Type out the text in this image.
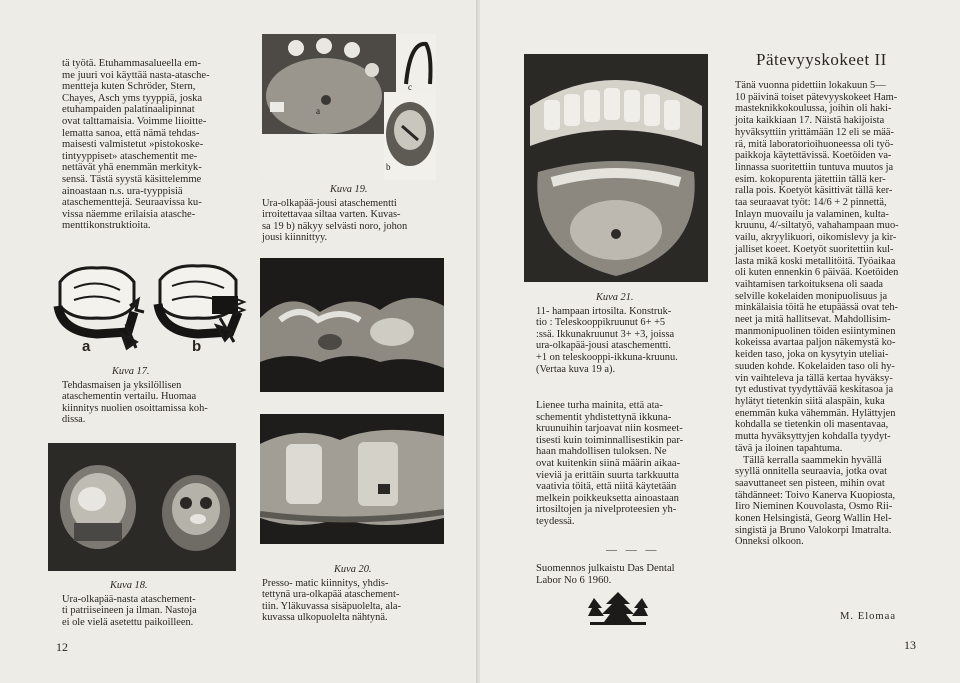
tä työtä. Etuhammasalueella em-

me juuri voi käyttää nasta-atasche-

mentteja kuten Schröder, Stern,

Chayes, Asch yms tyyppiä, joska

etuhampaiden palatinaalipinnat

ovat talttamaisia. Voimme liioitte-

lematta sanoa, että nämä tehdas-

maisesti valmistetut »pistokoske-

tintyyppiset» ataschementit me-

nettävät yhä enemmän merkityk-

sensä. Tästä syystä käsittelemme

ainoastaan n.s. ura-tyyppisiä

ataschementtejä. Seuraavissa ku-

vissa näemme erilaisia atasche-

menttikonstruktioita.

a	b
Kuva 17.
Tehdasmaisen ja yksilöllisen
ataschementin vertailu. Huomaa
kiinnitys nuolien osoittamissa koh-
dissa.
Kuva 18.
Ura-olkapää-nasta ataschement-
ti patriiseineen ja ilman. Nastoja
ei ole vielä asetettu paikoilleen.
12
a
b
c
Kuva 19.
Ura-olkapää-jousi ataschementti
irroitettavaa siltaa varten. Kuvas-
sa 19 b) näkyy selvästi noro, johon
jousi kiinnittyy.
Kuva 20.
Presso- matic kiinnitys, yhdis-
tettynä ura-olkapää ataschement-
tiin. Yläkuvassa sisäpuolelta, ala-
kuvassa ulkopuolelta nähtynä.
Kuva 21.
11- hampaan irtosilta. Konstruk-
tio : Teleskooppikruunut 6+ +5
:ssä. Ikkunakruunut 3+ +3, joissa
ura-olkapää-jousi ataschementti.
+1 on teleskooppi-ikkuna-kruunu.
(Vertaa kuva 19 a).

Lienee turha mainita, että ata-

schementit yhdistettynä ikkuna-

kruunuihin tarjoavat niin kosmeet-

tisesti kuin toiminnallisestikin par-

haan mahdollisen tuloksen. Ne

ovat kuitenkin siinä määrin aikaa-

vieviä ja erittäin suurta tarkkuutta

vaativia töitä, että niitä käytetään

melkein poikkeuksetta ainoastaan

irtosiltojen ja nivelproteesien yh-

teydessä.

— — —

Suomennos julkaistu Das Dental

Labor No 6 1960.

Pätevyyskokeet II

Tänä vuonna pidettiin lokakuun 5—

10 päivinä toiset pätevyyskokeet Ham-

masteknikkokoulussa, joihin oli haki-

joita kaikkiaan 17. Näistä hakijoista

hyväksyttiin yrittämään 12 eli se mää-

rä, mitä laboratorioihuoneessa oli työ-

paikkoja käytettävissä. Koetöiden va-

linnassa suoritettiin tuntuva muutos ja

esim. kokopurenta jätettiin tällä ker-

ralla pois. Koetyöt käsittivät tällä ker-

taa seuraavat työt: 14/6 + 2 pinnettä,

Inlayn muovailu ja valaminen, kulta-

kruunu, 4/-siltatyö, vahahampaan muo-

vailu, akryylikuori, oikomislevy ja kir-

jalliset koeet. Koetyöt suoritettiin kul-

lasta mikä koski metallitöitä. Työaikaa

oli kuten ennenkin 6 päivää. Koetöiden

vaihtamisen tarkoituksena oli saada

selville kokelaiden monipuolisuus ja

minkälaisia töitä he etupäässä ovat teh-

neet ja mitä hallitsevat. Mahdollisim-

manmonipuolinen töiden esiintyminen

kokeissa avartaa paljon näkemystä ko-

keiden taso, joka on kysytyin uteliai-

suuden kohde. Kokelaiden taso oli hy-

vin vaihteleva ja tällä kertaa hyväksy-

tyt edustivat tyydyttävää keskitasoa ja

hylätyt tietenkin siitä alaspäin, kuka

enemmän kuka vähemmän. Hylättyjen

kohdalla se tietenkin oli masentavaa,

mutta hyväksyttyjen kohdalla tyydyt-

tävä ja iloinen tapahtuma.

Tällä kerralla saammekin hyvällä

syyllä onnitella seuraavia, jotka ovat

saavuttaneet sen pisteen, mihin ovat

tähdänneet: Toivo Kanerva Kuopiosta,

Iiro Nieminen Kouvolasta, Osmo Rii-

konen Helsingistä, Georg Wallin Hel-

singistä ja Bruno Valokorpi Imatralta.

Onneksi olkoon.

M. Elomaa
13
